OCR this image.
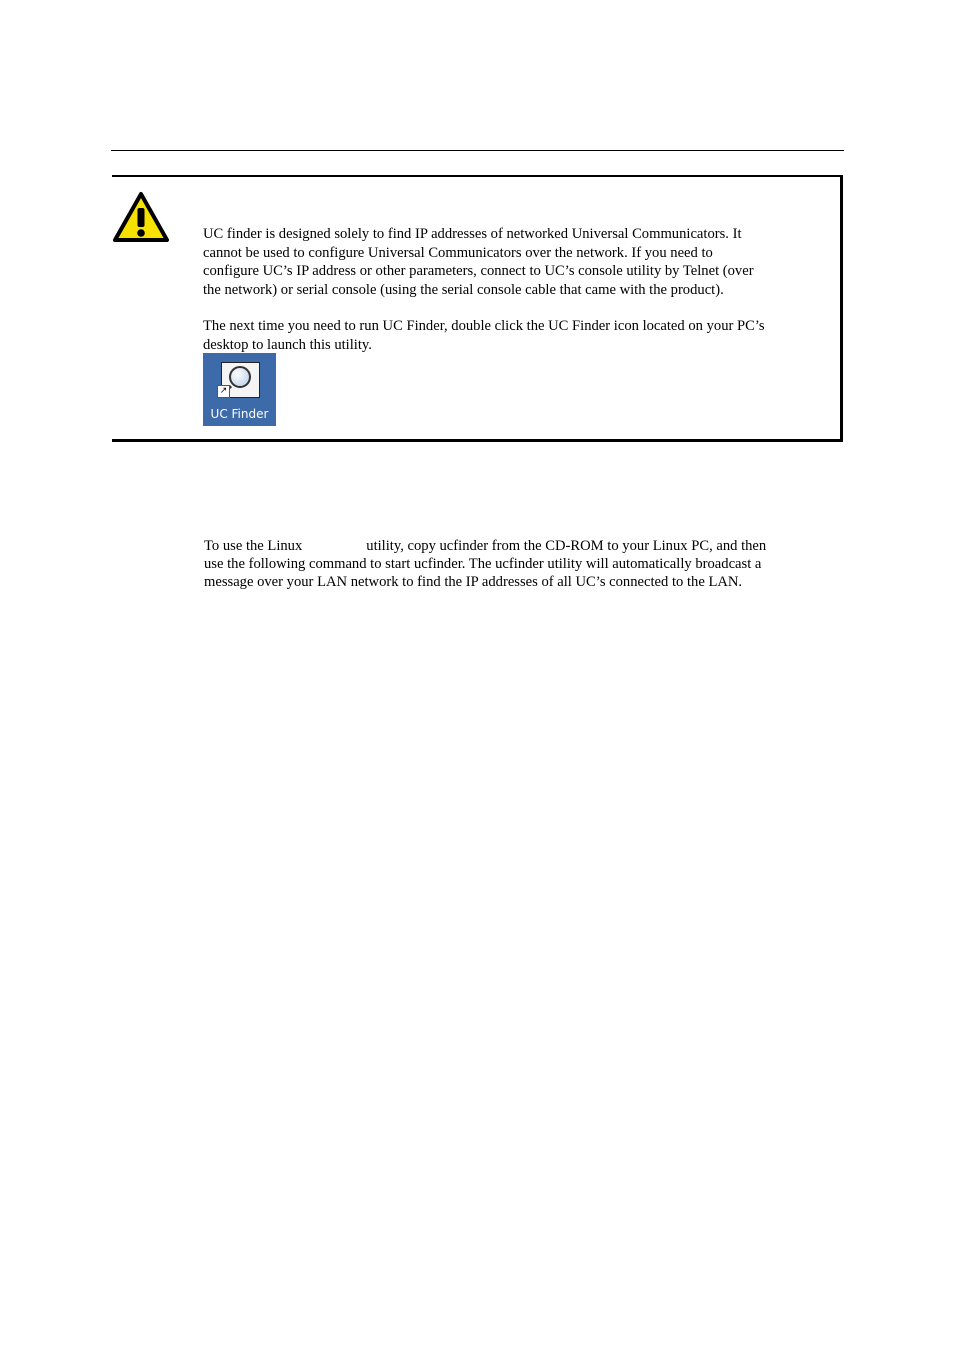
UC finder is designed solely to find IP addresses of networked Universal Communicators. It
cannot be used to configure Universal Communicators over the network. If you need to
configure UC’s IP address or other parameters, connect to UC’s console utility by Telnet (over
the network) or serial console (using the serial console cable that came with the product).
The next time you need to run UC Finder, double click the UC Finder icon located on your PC’s
desktop to launch this utility.
↗
UC Finder
To use the Linux	utility, copy ucfinder from the CD-ROM to your Linux PC, and then
use the following command to start ucfinder. The ucfinder utility will automatically broadcast a
message over your LAN network to find the IP addresses of all UC’s connected to the LAN.
